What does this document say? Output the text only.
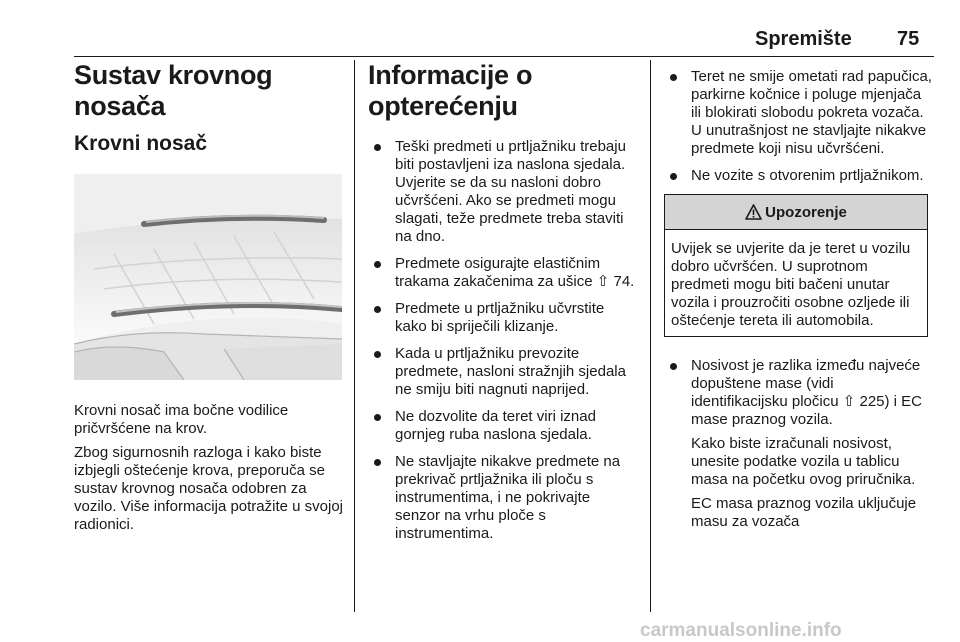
Spremište 75
Sustav krovnog nosača
Krovni nosač

Krovni nosač ima bočne vodilice pričvršćene na krov.

Zbog sigurnosnih razloga i kako biste izbjegli oštećenje krova, preporuča se sustav krovnog nosača odobren za vozilo. Više informacija potražite u svojoj radionici.

Informacije o opterećenju
Teški predmeti u prtljažniku trebaju biti postavljeni iza naslona sjedala. Uvjerite se da su nasloni dobro učvršćeni. Ako se predmeti mogu slagati, teže predmete treba staviti na dno.
Predmete osigurajte elastičnim trakama zakačenima za ušice ⇧ 74.
Predmete u prtljažniku učvrstite kako bi spriječili klizanje.
Kada u prtljažniku prevozite predmete, nasloni stražnjih sjedala ne smiju biti nagnuti naprijed.
Ne dozvolite da teret viri iznad gornjeg ruba naslona sjedala.
Ne stavljajte nikakve predmete na prekrivač prtljažnika ili ploču s instrumentima, i ne pokrivajte senzor na vrhu ploče s instrumentima.
Teret ne smije ometati rad papučica, parkirne kočnice i poluge mjenjača ili blokirati slobodu pokreta vozača. U unutrašnjost ne stavljajte nikakve predmete koji nisu učvršćeni.
Ne vozite s otvorenim prtljažnikom.
Upozorenje
Uvijek se uvjerite da je teret u vozilu dobro učvršćen. U suprotnom predmeti mogu biti bačeni unutar vozila i prouzročiti osobne ozljede ili oštećenje tereta ili automobila.
Nosivost je razlika između najveće dopuštene mase (vidi identifikacijsku pločicu ⇧ 225) i EC mase praznog vozila.
Kako biste izračunali nosivost, unesite podatke vozila u tablicu masa na početku ovog priručnika.
EC masa praznog vozila uključuje masu za vozača
carmanualsonline.info
